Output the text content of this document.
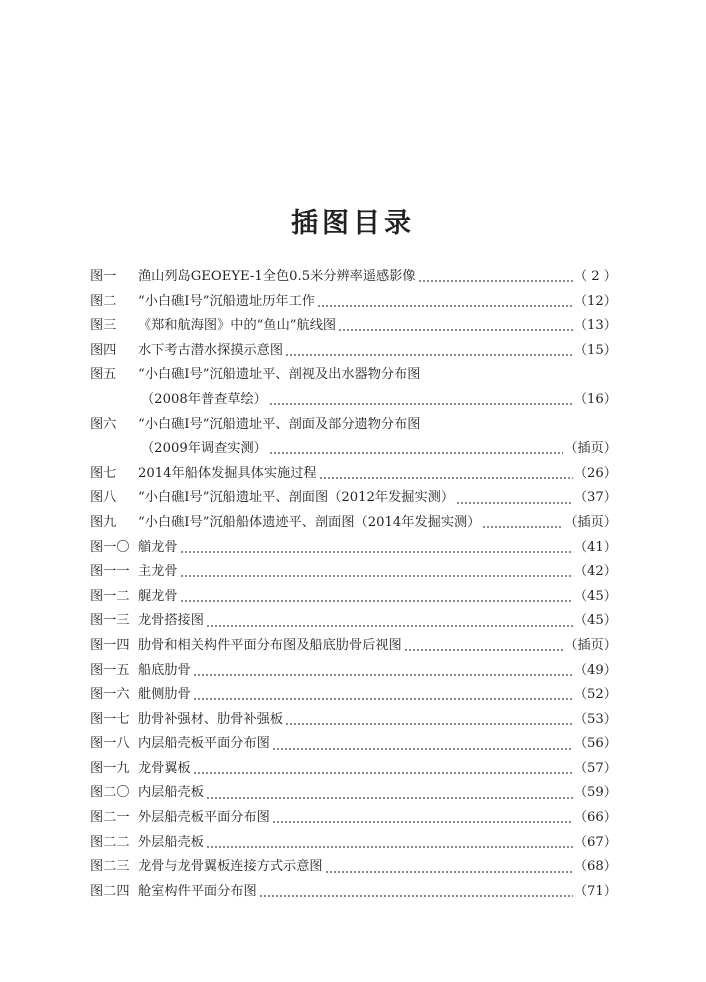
插图目录
图一 渔山列岛GEOEYE-1全色0.5米分辨率遥感影像	（ 2 ）
图二 “小白礁Ⅰ号”沉船遗址历年工作	（12）
图三 《郑和航海图》中的“鱼山”航线图	（13）
图四 水下考古潜水探摸示意图	（15）
图五 “小白礁Ⅰ号”沉船遗址平、剖视及出水器物分布图
（2008年普查草绘）	（16）
图六 “小白礁Ⅰ号”沉船遗址平、剖面及部分遗物分布图
（2009年调查实测）	（插页）
图七 2014年船体发掘具体实施过程	（26）
图八 “小白礁Ⅰ号”沉船遗址平、剖面图（2012年发掘实测）	（37）
图九 “小白礁Ⅰ号”沉船船体遗迹平、剖面图（2014年发掘实测）	（插页）
图一〇 艏龙骨	（41）
图一一 主龙骨	（42）
图一二 艉龙骨	（45）
图一三 龙骨搭接图	（45）
图一四 肋骨和相关构件平面分布图及船底肋骨后视图	（插页）
图一五 船底肋骨	（49）
图一六 舭侧肋骨	（52）
图一七 肋骨补强材、肋骨补强板	（53）
图一八 内层船壳板平面分布图	（56）
图一九 龙骨翼板	（57）
图二〇 内层船壳板	（59）
图二一 外层船壳板平面分布图	（66）
图二二 外层船壳板	（67）
图二三 龙骨与龙骨翼板连接方式示意图	（68）
图二四 舱室构件平面分布图	（71）
